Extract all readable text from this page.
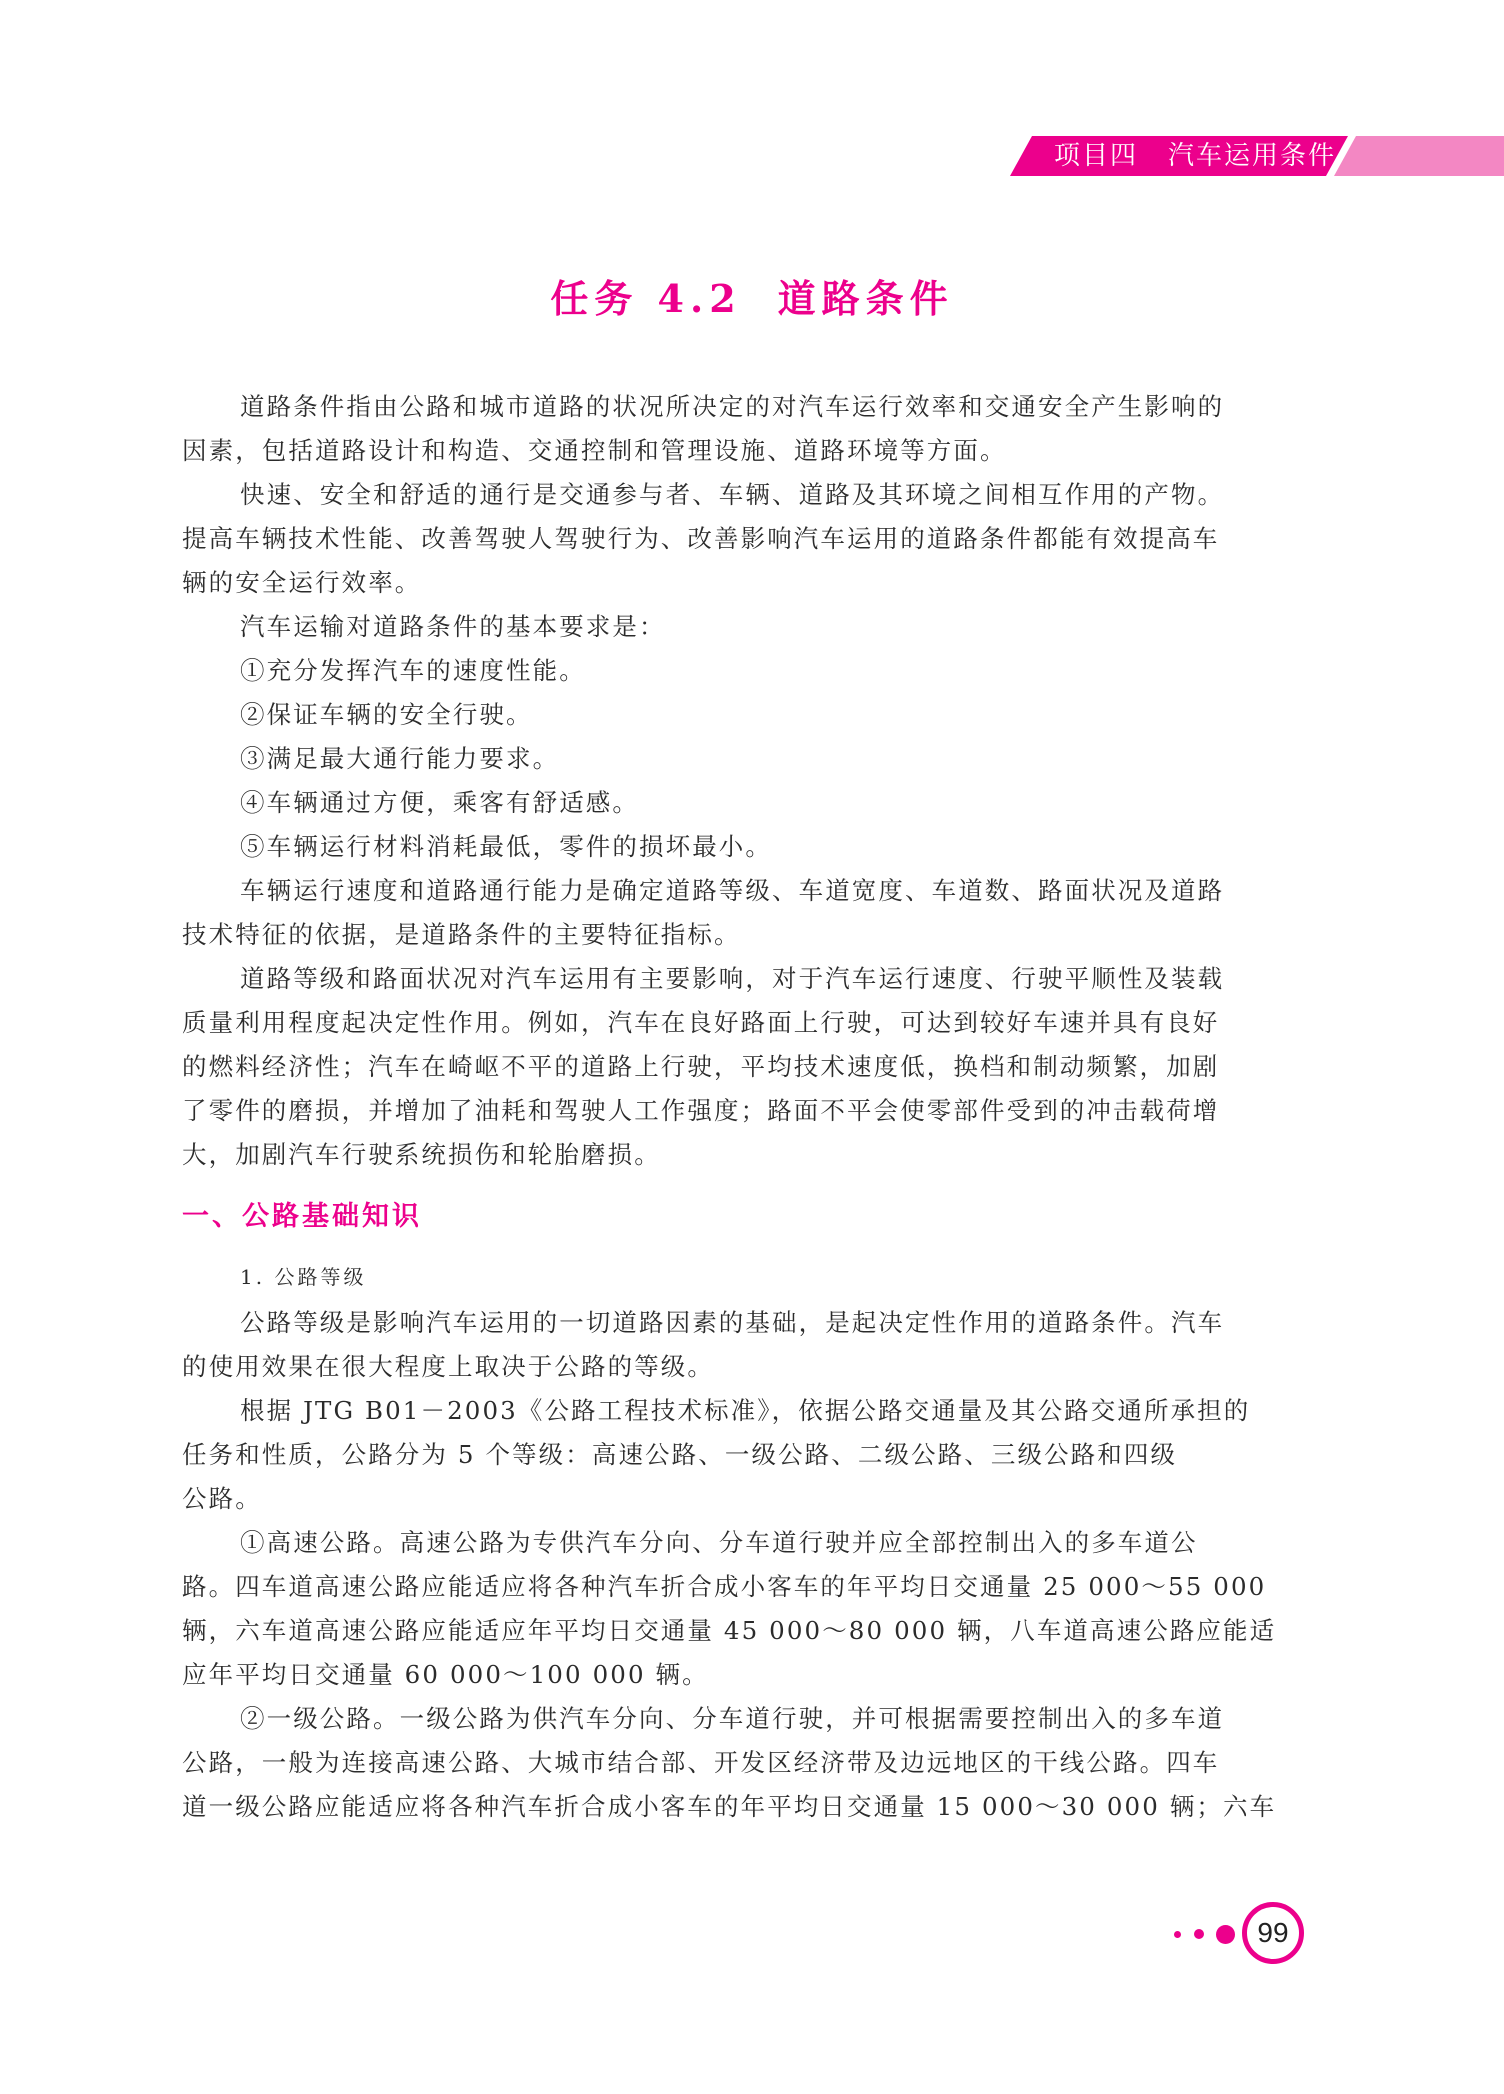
项目四 汽车运用条件
任务 4.2 道路条件

道路条件指由公路和城市道路的状况所决定的对汽车运行效率和交通安全产生影响的
因素，包括道路设计和构造、交通控制和管理设施、道路环境等方面。

快速、安全和舒适的通行是交通参与者、车辆、道路及其环境之间相互作用的产物。
提高车辆技术性能、改善驾驶人驾驶行为、改善影响汽车运用的道路条件都能有效提高车
辆的安全运行效率。

汽车运输对道路条件的基本要求是：

①充分发挥汽车的速度性能。

②保证车辆的安全行驶。

③满足最大通行能力要求。

④车辆通过方便，乘客有舒适感。

⑤车辆运行材料消耗最低，零件的损坏最小。

车辆运行速度和道路通行能力是确定道路等级、车道宽度、车道数、路面状况及道路
技术特征的依据，是道路条件的主要特征指标。

道路等级和路面状况对汽车运用有主要影响，对于汽车运行速度、行驶平顺性及装载
质量利用程度起决定性作用。例如，汽车在良好路面上行驶，可达到较好车速并具有良好
的燃料经济性；汽车在崎岖不平的道路上行驶，平均技术速度低，换档和制动频繁，加剧
了零件的磨损，并增加了油耗和驾驶人工作强度；路面不平会使零部件受到的冲击载荷增
大，加剧汽车行驶系统损伤和轮胎磨损。

一、公路基础知识
1. 公路等级

公路等级是影响汽车运用的一切道路因素的基础，是起决定性作用的道路条件。汽车
的使用效果在很大程度上取决于公路的等级。

根据 JTG B01－2003《公路工程技术标准》，依据公路交通量及其公路交通所承担的
任务和性质，公路分为 5 个等级：高速公路、一级公路、二级公路、三级公路和四级
公路。

①高速公路。高速公路为专供汽车分向、分车道行驶并应全部控制出入的多车道公
路。四车道高速公路应能适应将各种汽车折合成小客车的年平均日交通量 25 000～55 000
辆，六车道高速公路应能适应年平均日交通量 45 000～80 000 辆，八车道高速公路应能适
应年平均日交通量 60 000～100 000 辆。

②一级公路。一级公路为供汽车分向、分车道行驶，并可根据需要控制出入的多车道
公路，一般为连接高速公路、大城市结合部、开发区经济带及边远地区的干线公路。四车
道一级公路应能适应将各种汽车折合成小客车的年平均日交通量 15 000～30 000 辆；六车

99
